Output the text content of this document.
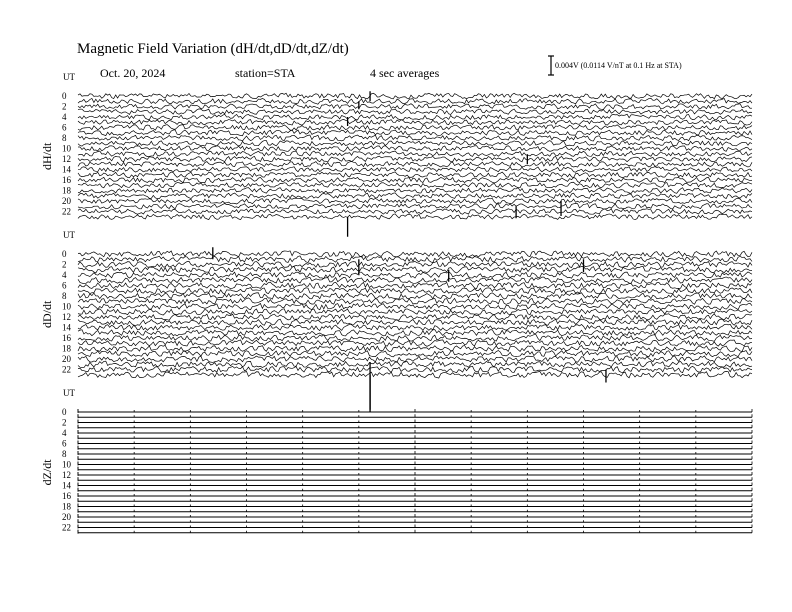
Magnetic Field Variation (dH/dt,dD/dt,dZ/dt)
Oct. 20, 2024	station=STA	4 sec averages
0.004V (0.0114 V/nT at 0.1 Hz at STA)
UT
dH/dt
0
2
4
6
8
10
12
14
16
18
20
22
UT
dD/dt
0
2
4
6
8
10
12
14
16
18
20
22
UT
dZ/dt
0
2
4
6
8
10
12
14
16
18
20
22
